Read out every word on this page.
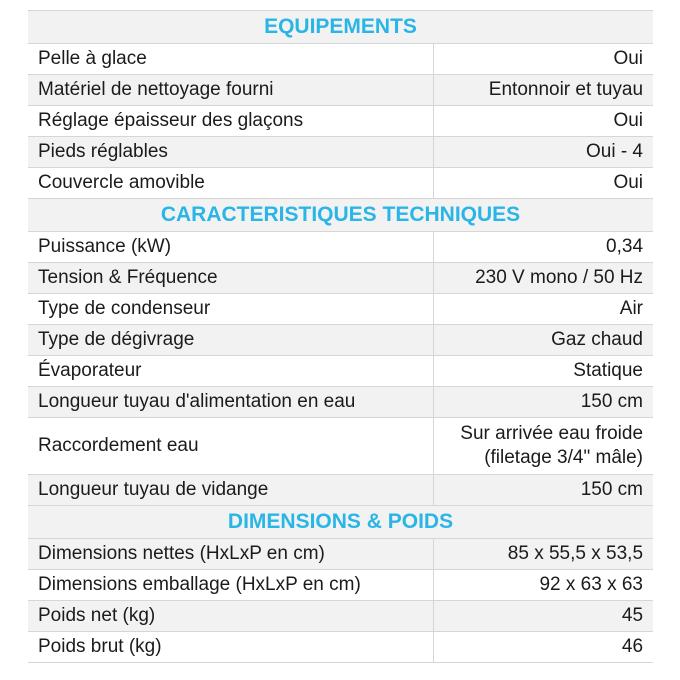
EQUIPEMENTS	
Pelle à glace	Oui
Matériel de nettoyage fourni	Entonnoir et tuyau
Réglage épaisseur des glaçons	Oui
Pieds réglables	Oui - 4
Couvercle amovible	Oui
CARACTERISTIQUES TECHNIQUES	
Puissance (kW)	0,34
Tension & Fréquence	230 V mono / 50 Hz
Type de condenseur	Air
Type de dégivrage	Gaz chaud
Évaporateur	Statique
Longueur tuyau d'alimentation en eau	150 cm
Raccordement eau	Sur arrivée eau froide
(filetage 3/4" mâle)

Longueur tuyau de vidange	150 cm
DIMENSIONS & POIDS	
Dimensions nettes (HxLxP en cm)	85 x 55,5 x 53,5
Dimensions emballage (HxLxP en cm)	92 x 63 x 63
Poids net (kg)	45
Poids brut (kg)	46
